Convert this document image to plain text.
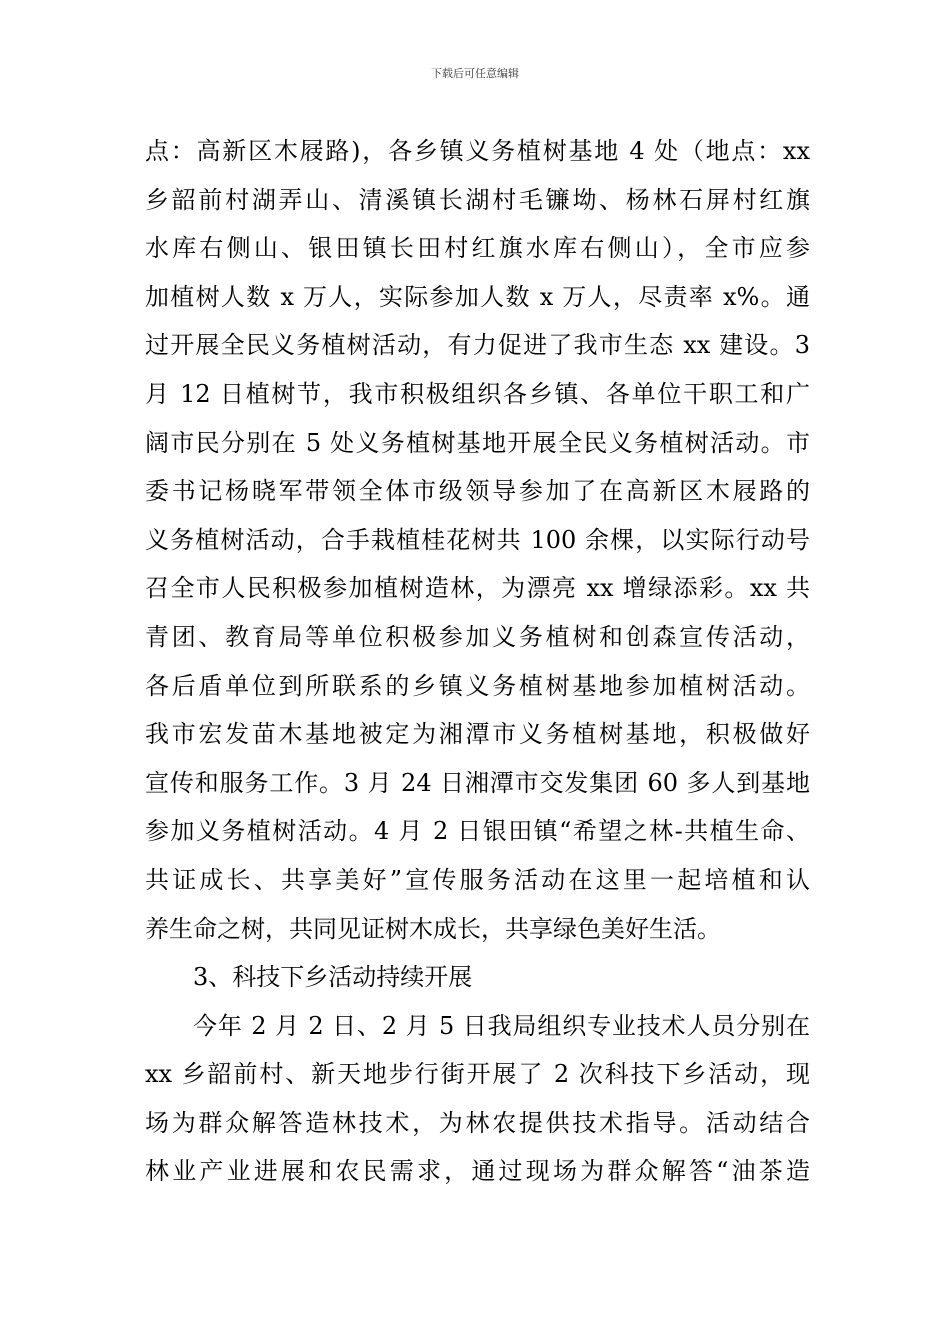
下载后可任意编辑
点：高新区木屐路)，各乡镇义务植树基地 4 处（地点：xx
乡韶前村湖弄山、清溪镇长湖村毛镰坳、杨林石屏村红旗
水库右侧山、银田镇长田村红旗水库右侧山），全市应参
加植树人数 x 万人，实际参加人数 x 万人，尽责率 x%。通
过开展全民义务植树活动，有力促进了我市生态 xx 建设。3
月 12 日植树节，我市积极组织各乡镇、各单位干职工和广
阔市民分别在 5 处义务植树基地开展全民义务植树活动。市
委书记杨晓军带领全体市级领导参加了在高新区木屐路的
义务植树活动，合手栽植桂花树共 100 余棵，以实际行动号
召全市人民积极参加植树造林，为漂亮 xx 增绿添彩。xx 共
青团、教育局等单位积极参加义务植树和创森宣传活动，
各后盾单位到所联系的乡镇义务植树基地参加植树活动。
我市宏发苗木基地被定为湘潭市义务植树基地，积极做好
宣传和服务工作。3 月 24 日湘潭市交发集团 60 多人到基地
参加义务植树活动。4 月 2 日银田镇“希望之林-共植生命、
共证成长、共享美好”宣传服务活动在这里一起培植和认
养生命之树，共同见证树木成长，共享绿色美好生活。
3、科技下乡活动持续开展
今年 2 月 2 日、2 月 5 日我局组织专业技术人员分别在
xx 乡韶前村、新天地步行街开展了 2 次科技下乡活动，现
场为群众解答造林技术，为林农提供技术指导。活动结合
林业产业进展和农民需求，通过现场为群众解答“油茶造
